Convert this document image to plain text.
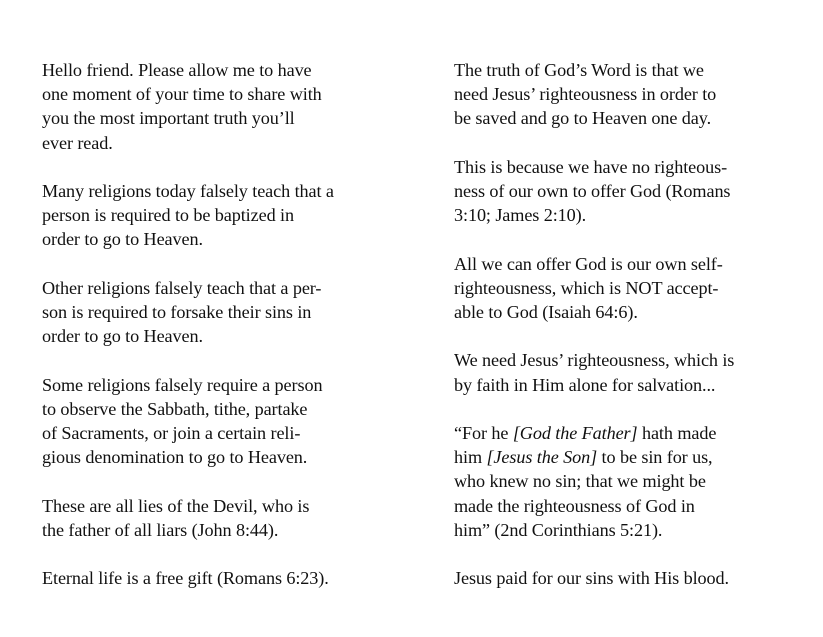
Hello friend. Please allow me to have
one moment of your time to share with
you the most important truth you’ll
ever read.

Many religions today falsely teach that a
person is required to be baptized in
order to go to Heaven.

Other religions falsely teach that a per-
son is required to forsake their sins in
order to go to Heaven.

Some religions falsely require a person
to observe the Sabbath, tithe, partake
of Sacraments, or join a certain reli-
gious denomination to go to Heaven.

These are all lies of the Devil, who is
the father of all liars (John 8:44).

Eternal life is a free gift (Romans 6:23).

The truth of God’s Word is that we
need Jesus’ righteousness in order to
be saved and go to Heaven one day.

This is because we have no righteous-
ness of our own to offer God (Romans
3:10; James 2:10).

All we can offer God is our own self-
righteousness, which is NOT accept-
able to God (Isaiah 64:6).

We need Jesus’ righteousness, which is
by faith in Him alone for salvation...

“For he [God the Father] hath made
him [Jesus the Son] to be sin for us,
who knew no sin; that we might be
made the righteousness of God in
him” (2nd Corinthians 5:21).

Jesus paid for our sins with His blood.
